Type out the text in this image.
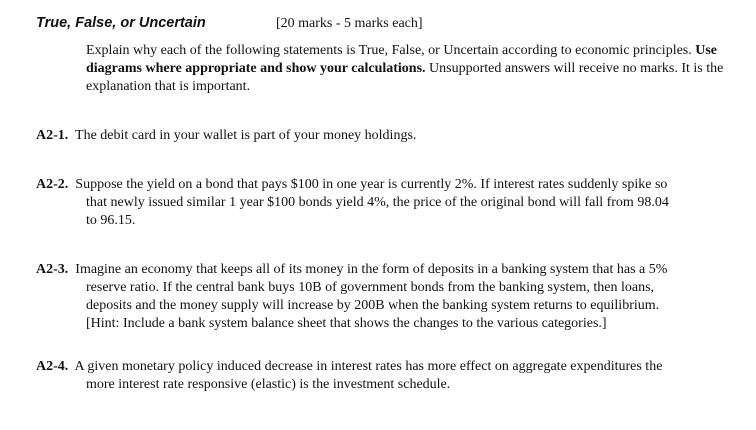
True, False, or Uncertain	[20 marks - 5 marks each]
Explain why each of the following statements is True, False, or Uncertain according to economic principles. Use diagrams where appropriate and show your calculations. Unsupported answers will receive no marks. It is the explanation that is important.
A2-1. The debit card in your wallet is part of your money holdings.
A2-2. Suppose the yield on a bond that pays $100 in one year is currently 2%. If interest rates suddenly spike so
that newly issued similar 1 year $100 bonds yield 4%, the price of the original bond will fall from 98.04
to 96.15.
A2-3. Imagine an economy that keeps all of its money in the form of deposits in a banking system that has a 5%
reserve ratio. If the central bank buys 10B of government bonds from the banking system, then loans,
deposits and the money supply will increase by 200B when the banking system returns to equilibrium.
[Hint: Include a bank system balance sheet that shows the changes to the various categories.]
A2-4. A given monetary policy induced decrease in interest rates has more effect on aggregate expenditures the
more interest rate responsive (elastic) is the investment schedule.
